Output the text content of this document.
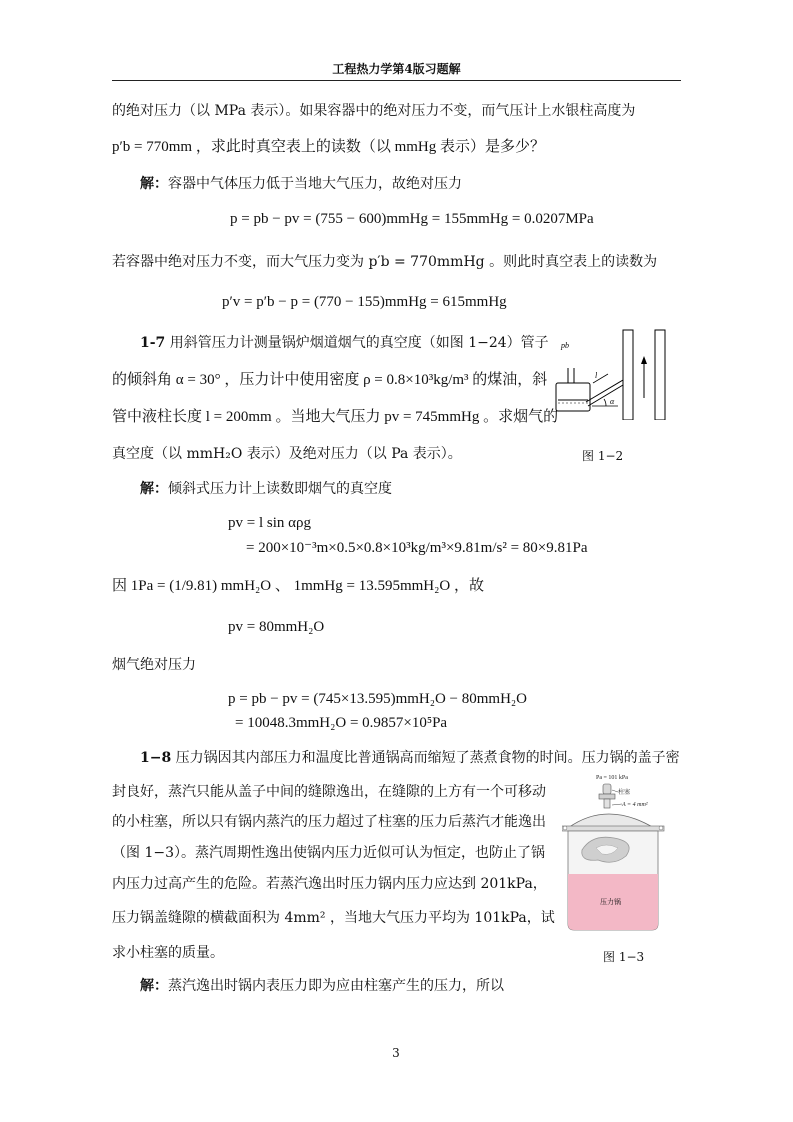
工程热力学第4版习题解
的绝对压力（以 MPa 表示）。如果容器中的绝对压力不变，而气压计上水银柱高度为
p′b = 770mm ，求此时真空表上的读数（以 mmHg 表示）是多少？
解：容器中气体压力低于当地大气压力，故绝对压力
p = pb − pv = (755 − 600)mmHg = 155mmHg = 0.0207MPa
若容器中绝对压力不变，而大气压力变为 p′b = 770mmHg 。则此时真空表上的读数为
p′v = p′b − p = (770 − 155)mmHg = 615mmHg
1-7 用斜管压力计测量锅炉烟道烟气的真空度（如图 1−24）管子
的倾斜角 α = 30° ，压力计中使用密度 ρ = 0.8×10³kg/m³ 的煤油，斜
管中液柱长度 l = 200mm 。当地大气压力 pv = 745mmHg 。求烟气的
真空度（以 mmH₂O 表示）及绝对压力（以 Pa 表示）。
pb
l
α
图 1−2
解：倾斜式压力计上读数即烟气的真空度
pv = l sin αρg
= 200×10⁻³m×0.5×0.8×10³kg/m³×9.81m/s² = 80×9.81Pa
因 1Pa = (1/9.81) mmH₂O 、 1mmHg = 13.595mmH₂O ，故
pv = 80mmH₂O
烟气绝对压力
p = pb − pv = (745×13.595)mmH₂O − 80mmH₂O
= 10048.3mmH₂O = 0.9857×10⁵Pa
1−8 压力锅因其内部压力和温度比普通锅高而缩短了蒸煮食物的时间。压力锅的盖子密
封良好，蒸汽只能从盖子中间的缝隙逸出，在缝隙的上方有一个可移动
的小柱塞，所以只有锅内蒸汽的压力超过了柱塞的压力后蒸汽才能逸出
（图 1−3）。蒸汽周期性逸出使锅内压力近似可认为恒定，也防止了锅
内压力过高产生的危险。若蒸汽逸出时压力锅内压力应达到 201kPa，
压力锅盖缝隙的横截面积为 4mm² ，当地大气压力平均为 101kPa，试
求小柱塞的质量。
Pa = 101 kPa
柱塞
A = 4 mm²
压力锅
图 1−3
解：蒸汽逸出时锅内表压力即为应由柱塞产生的压力，所以
3
